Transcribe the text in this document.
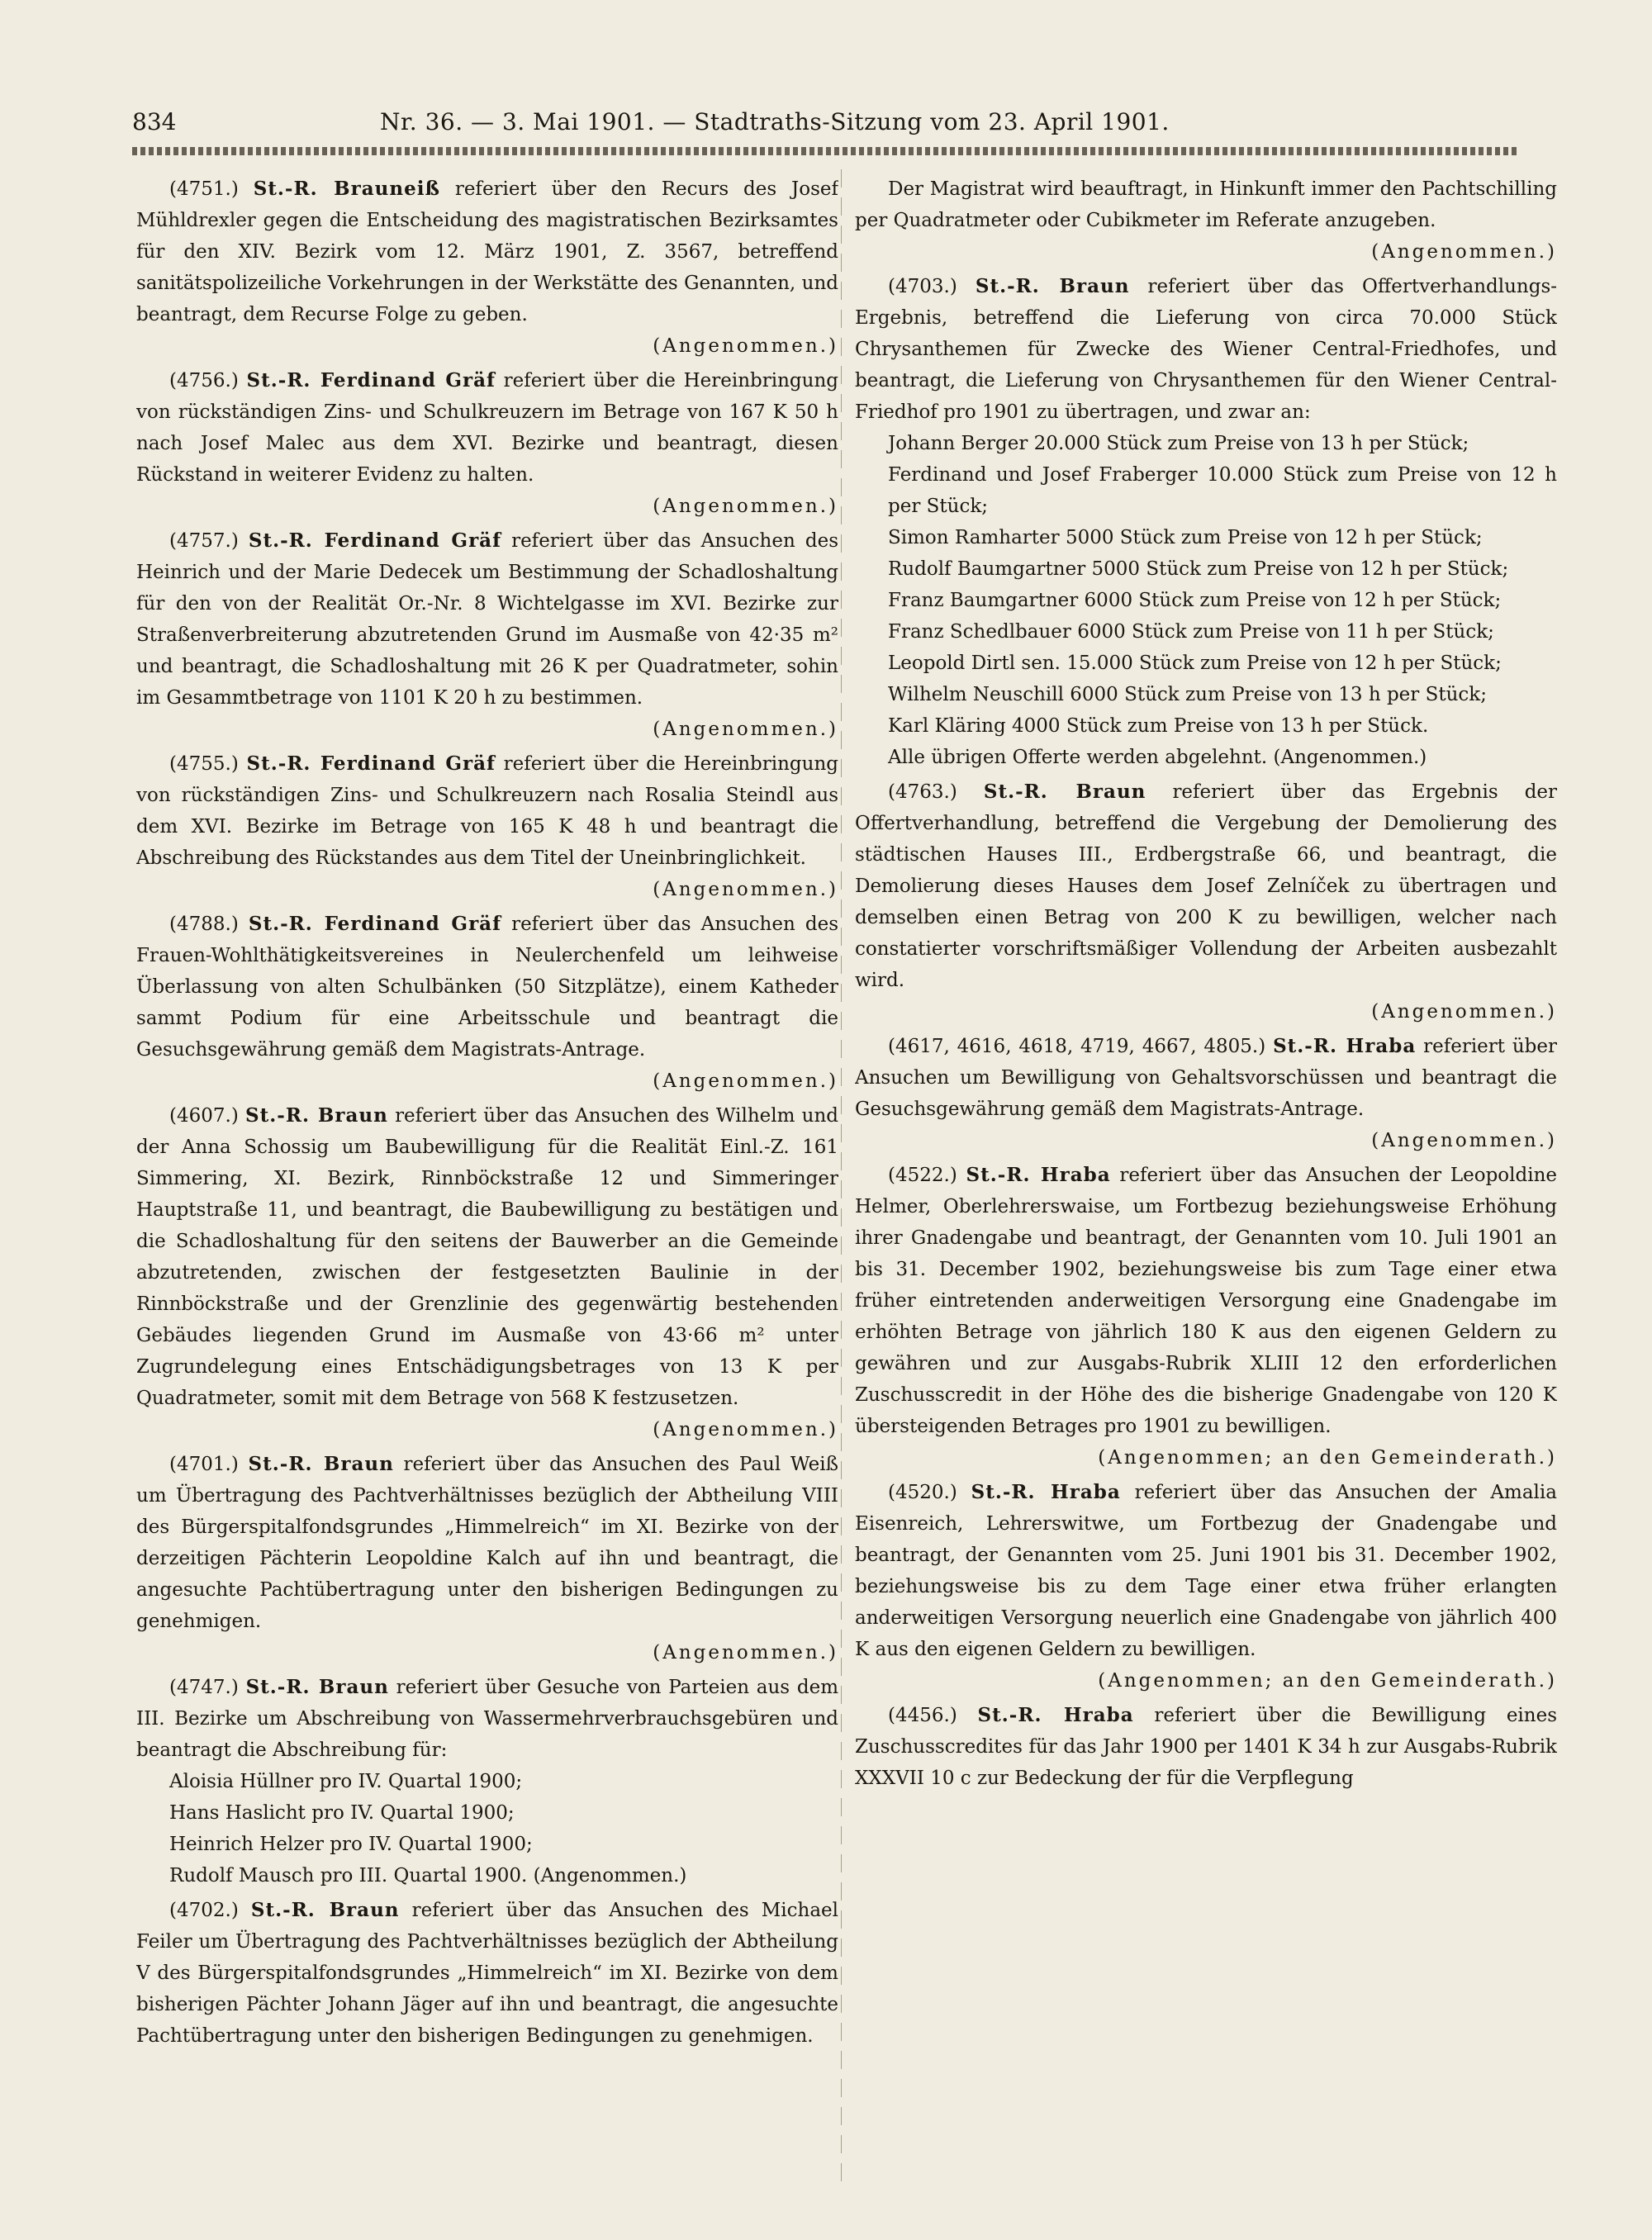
834	Nr. 36. — 3. Mai 1901. — Stadtraths-Sitzung vom 23. April 1901.

(4751.) St.-R. Brauneiß referiert über den Recurs des Josef Mühldrexler gegen die Entscheidung des magistratischen Bezirksamtes für den XIV. Bezirk vom 12. März 1901, Z. 3567, betreffend sanitätspolizeiliche Vorkehrungen in der Werkstätte des Genannten, und beantragt, dem Recurse Folge zu geben.

(Angenommen.)

(4756.) St.-R. Ferdinand Gräf referiert über die Hereinbringung von rückständigen Zins- und Schulkreuzern im Betrage von 167 K 50 h nach Josef Malec aus dem XVI. Bezirke und beantragt, diesen Rückstand in weiterer Evidenz zu halten.

(Angenommen.)

(4757.) St.-R. Ferdinand Gräf referiert über das Ansuchen des Heinrich und der Marie Dedecek um Bestimmung der Schadloshaltung für den von der Realität Or.-Nr. 8 Wichtelgasse im XVI. Bezirke zur Straßenverbreiterung abzutretenden Grund im Ausmaße von 42·35 m² und beantragt, die Schadloshaltung mit 26 K per Quadratmeter, sohin im Gesammtbetrage von 1101 K 20 h zu bestimmen.

(Angenommen.)

(4755.) St.-R. Ferdinand Gräf referiert über die Hereinbringung von rückständigen Zins- und Schulkreuzern nach Rosalia Steindl aus dem XVI. Bezirke im Betrage von 165 K 48 h und beantragt die Abschreibung des Rückstandes aus dem Titel der Uneinbringlichkeit.

(Angenommen.)

(4788.) St.-R. Ferdinand Gräf referiert über das Ansuchen des Frauen-Wohlthätigkeitsvereines in Neulerchenfeld um leihweise Überlassung von alten Schulbänken (50 Sitzplätze), einem Katheder sammt Podium für eine Arbeitsschule und beantragt die Gesuchsgewährung gemäß dem Magistrats-Antrage.

(Angenommen.)

(4607.) St.-R. Braun referiert über das Ansuchen des Wilhelm und der Anna Schossig um Baubewilligung für die Realität Einl.-Z. 161 Simmering, XI. Bezirk, Rinnböckstraße 12 und Simmeringer Hauptstraße 11, und beantragt, die Baubewilligung zu bestätigen und die Schadloshaltung für den seitens der Bauwerber an die Gemeinde abzutretenden, zwischen der festgesetzten Baulinie in der Rinnböckstraße und der Grenzlinie des gegenwärtig bestehenden Gebäudes liegenden Grund im Ausmaße von 43·66 m² unter Zugrundelegung eines Entschädigungsbetrages von 13 K per Quadratmeter, somit mit dem Betrage von 568 K festzusetzen.

(Angenommen.)

(4701.) St.-R. Braun referiert über das Ansuchen des Paul Weiß um Übertragung des Pachtverhältnisses bezüglich der Abtheilung VIII des Bürgerspitalfondsgrundes „Himmelreich“ im XI. Bezirke von der derzeitigen Pächterin Leopoldine Kalch auf ihn und beantragt, die angesuchte Pachtübertragung unter den bisherigen Bedingungen zu genehmigen.

(Angenommen.)

(4747.) St.-R. Braun referiert über Gesuche von Parteien aus dem III. Bezirke um Abschreibung von Wassermehrverbrauchsgebüren und beantragt die Abschreibung für:

Aloisia Hüllner pro IV. Quartal 1900;
Hans Haslicht pro IV. Quartal 1900;
Heinrich Helzer pro IV. Quartal 1900;
Rudolf Mausch pro III. Quartal 1900. (Angenommen.)

(4702.) St.-R. Braun referiert über das Ansuchen des Michael Feiler um Übertragung des Pachtverhältnisses bezüglich der Abtheilung V des Bürgerspitalfondsgrundes „Himmelreich“ im XI. Bezirke von dem bisherigen Pächter Johann Jäger auf ihn und beantragt, die angesuchte Pachtübertragung unter den bisherigen Bedingungen zu genehmigen.

Der Magistrat wird beauftragt, in Hinkunft immer den Pachtschilling per Quadratmeter oder Cubikmeter im Referate anzugeben.

(Angenommen.)

(4703.) St.-R. Braun referiert über das Offertverhandlungs-Ergebnis, betreffend die Lieferung von circa 70.000 Stück Chrysanthemen für Zwecke des Wiener Central-Friedhofes, und beantragt, die Lieferung von Chrysanthemen für den Wiener Central-Friedhof pro 1901 zu übertragen, und zwar an:

Johann Berger 20.000 Stück zum Preise von 13 h per Stück;
Ferdinand und Josef Fraberger 10.000 Stück zum Preise von 12 h per Stück;
Simon Ramharter 5000 Stück zum Preise von 12 h per Stück;
Rudolf Baumgartner 5000 Stück zum Preise von 12 h per Stück;
Franz Baumgartner 6000 Stück zum Preise von 12 h per Stück;
Franz Schedlbauer 6000 Stück zum Preise von 11 h per Stück;
Leopold Dirtl sen. 15.000 Stück zum Preise von 12 h per Stück;
Wilhelm Neuschill 6000 Stück zum Preise von 13 h per Stück;
Karl Kläring 4000 Stück zum Preise von 13 h per Stück.
Alle übrigen Offerte werden abgelehnt. (Angenommen.)

(4763.) St.-R. Braun referiert über das Ergebnis der Offertverhandlung, betreffend die Vergebung der Demolierung des städtischen Hauses III., Erdbergstraße 66, und beantragt, die Demolierung dieses Hauses dem Josef Zelníček zu übertragen und demselben einen Betrag von 200 K zu bewilligen, welcher nach constatierter vorschriftsmäßiger Vollendung der Arbeiten ausbezahlt wird.

(Angenommen.)

(4617, 4616, 4618, 4719, 4667, 4805.) St.-R. Hraba referiert über Ansuchen um Bewilligung von Gehaltsvorschüssen und beantragt die Gesuchsgewährung gemäß dem Magistrats-Antrage.

(Angenommen.)

(4522.) St.-R. Hraba referiert über das Ansuchen der Leopoldine Helmer, Oberlehrerswaise, um Fortbezug beziehungsweise Erhöhung ihrer Gnadengabe und beantragt, der Genannten vom 10. Juli 1901 an bis 31. December 1902, beziehungsweise bis zum Tage einer etwa früher eintretenden anderweitigen Versorgung eine Gnadengabe im erhöhten Betrage von jährlich 180 K aus den eigenen Geldern zu gewähren und zur Ausgabs-Rubrik XLIII 12 den erforderlichen Zuschusscredit in der Höhe des die bisherige Gnadengabe von 120 K übersteigenden Betrages pro 1901 zu bewilligen.

(Angenommen; an den Gemeinderath.)

(4520.) St.-R. Hraba referiert über das Ansuchen der Amalia Eisenreich, Lehrerswitwe, um Fortbezug der Gnadengabe und beantragt, der Genannten vom 25. Juni 1901 bis 31. December 1902, beziehungsweise bis zu dem Tage einer etwa früher erlangten anderweitigen Versorgung neuerlich eine Gnadengabe von jährlich 400 K aus den eigenen Geldern zu bewilligen.

(Angenommen; an den Gemeinderath.)

(4456.) St.-R. Hraba referiert über die Bewilligung eines Zuschusscredites für das Jahr 1900 per 1401 K 34 h zur Ausgabs-Rubrik XXXVII 10 c zur Bedeckung der für die Verpflegung
